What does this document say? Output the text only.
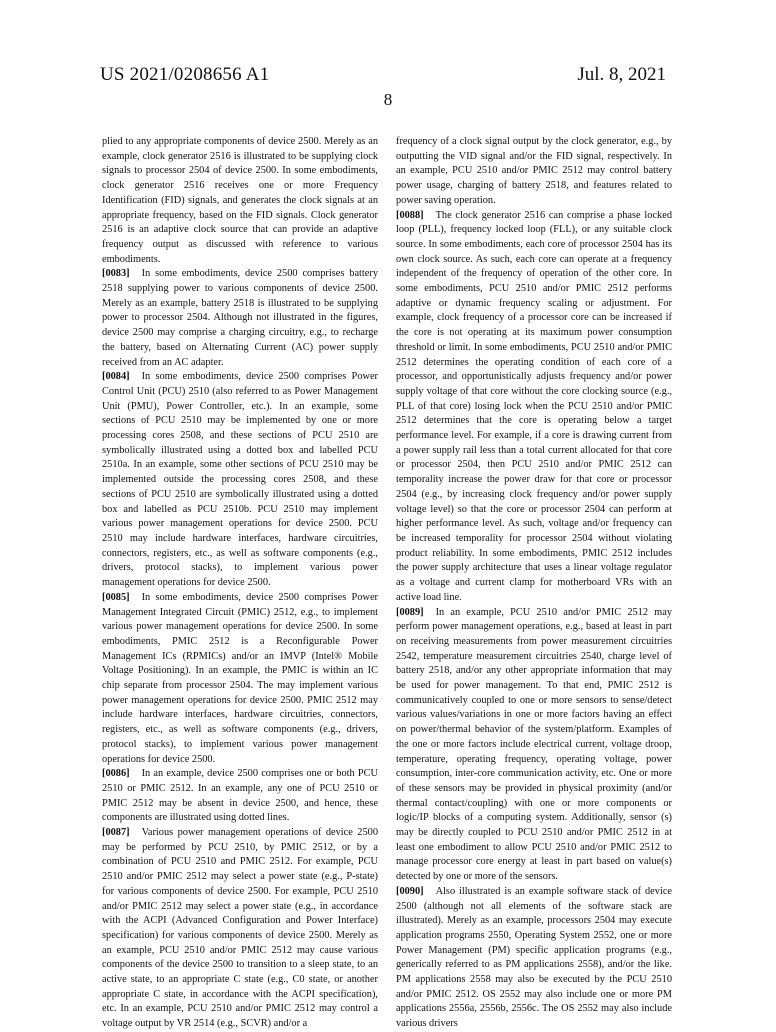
US 2021/0208656 A1	Jul. 8, 2021
8

plied to any appropriate components of device 2500. Merely as an example, clock generator 2516 is illustrated to be supplying clock signals to processor 2504 of device 2500. In some embodiments, clock generator 2516 receives one or more Frequency Identification (FID) signals, and generates the clock signals at an appropriate frequency, based on the FID signals. Clock generator 2516 is an adaptive clock source that can provide an adaptive frequency output as discussed with reference to various embodiments.

[0083] In some embodiments, device 2500 comprises battery 2518 supplying power to various components of device 2500. Merely as an example, battery 2518 is illustrated to be supplying power to processor 2504. Although not illustrated in the figures, device 2500 may comprise a charging circuitry, e.g., to recharge the battery, based on Alternating Current (AC) power supply received from an AC adapter.

[0084] In some embodiments, device 2500 comprises Power Control Unit (PCU) 2510 (also referred to as Power Management Unit (PMU), Power Controller, etc.). In an example, some sections of PCU 2510 may be implemented by one or more processing cores 2508, and these sections of PCU 2510 are symbolically illustrated using a dotted box and labelled PCU 2510a. In an example, some other sections of PCU 2510 may be implemented outside the processing cores 2508, and these sections of PCU 2510 are symbolically illustrated using a dotted box and labelled as PCU 2510b. PCU 2510 may implement various power management operations for device 2500. PCU 2510 may include hardware interfaces, hardware circuitries, connectors, registers, etc., as well as software components (e.g., drivers, protocol stacks), to implement various power management operations for device 2500.

[0085] In some embodiments, device 2500 comprises Power Management Integrated Circuit (PMIC) 2512, e.g., to implement various power management operations for device 2500. In some embodiments, PMIC 2512 is a Reconfigurable Power Management ICs (RPMICs) and/or an IMVP (Intel® Mobile Voltage Positioning). In an example, the PMIC is within an IC chip separate from processor 2504. The may implement various power management operations for device 2500. PMIC 2512 may include hardware interfaces, hardware circuitries, connectors, registers, etc., as well as software components (e.g., drivers, protocol stacks), to implement various power management operations for device 2500.

[0086] In an example, device 2500 comprises one or both PCU 2510 or PMIC 2512. In an example, any one of PCU 2510 or PMIC 2512 may be absent in device 2500, and hence, these components are illustrated using dotted lines.

[0087] Various power management operations of device 2500 may be performed by PCU 2510, by PMIC 2512, or by a combination of PCU 2510 and PMIC 2512. For example, PCU 2510 and/or PMIC 2512 may select a power state (e.g., P-state) for various components of device 2500. For example, PCU 2510 and/or PMIC 2512 may select a power state (e.g., in accordance with the ACPI (Advanced Configuration and Power Interface) specification) for various components of device 2500. Merely as an example, PCU 2510 and/or PMIC 2512 may cause various components of the device 2500 to transition to a sleep state, to an active state, to an appropriate C state (e.g., C0 state, or another appropriate C state, in accordance with the ACPI specification), etc. In an example, PCU 2510 and/or PMIC 2512 may control a voltage output by VR 2514 (e.g., SCVR) and/or a

frequency of a clock signal output by the clock generator, e.g., by outputting the VID signal and/or the FID signal, respectively. In an example, PCU 2510 and/or PMIC 2512 may control battery power usage, charging of battery 2518, and features related to power saving operation.

[0088] The clock generator 2516 can comprise a phase locked loop (PLL), frequency locked loop (FLL), or any suitable clock source. In some embodiments, each core of processor 2504 has its own clock source. As such, each core can operate at a frequency independent of the frequency of operation of the other core. In some embodiments, PCU 2510 and/or PMIC 2512 performs adaptive or dynamic frequency scaling or adjustment. For example, clock frequency of a processor core can be increased if the core is not operating at its maximum power consumption threshold or limit. In some embodiments, PCU 2510 and/or PMIC 2512 determines the operating condition of each core of a processor, and opportunistically adjusts frequency and/or power supply voltage of that core without the core clocking source (e.g., PLL of that core) losing lock when the PCU 2510 and/or PMIC 2512 determines that the core is operating below a target performance level. For example, if a core is drawing current from a power supply rail less than a total current allocated for that core or processor 2504, then PCU 2510 and/or PMIC 2512 can temporality increase the power draw for that core or processor 2504 (e.g., by increasing clock frequency and/or power supply voltage level) so that the core or processor 2504 can perform at higher performance level. As such, voltage and/or frequency can be increased temporality for processor 2504 without violating product reliability. In some embodiments, PMIC 2512 includes the power supply architecture that uses a linear voltage regulator as a voltage and current clamp for motherboard VRs with an active load line.

[0089] In an example, PCU 2510 and/or PMIC 2512 may perform power management operations, e.g., based at least in part on receiving measurements from power measurement circuitries 2542, temperature measurement circuitries 2540, charge level of battery 2518, and/or any other appropriate information that may be used for power management. To that end, PMIC 2512 is communicatively coupled to one or more sensors to sense/detect various values/variations in one or more factors having an effect on power/thermal behavior of the system/platform. Examples of the one or more factors include electrical current, voltage droop, temperature, operating frequency, operating voltage, power consumption, inter-core communication activity, etc. One or more of these sensors may be provided in physical proximity (and/or thermal contact/coupling) with one or more components or logic/IP blocks of a computing system. Additionally, sensor (s) may be directly coupled to PCU 2510 and/or PMIC 2512 in at least one embodiment to allow PCU 2510 and/or PMIC 2512 to manage processor core energy at least in part based on value(s) detected by one or more of the sensors.

[0090] Also illustrated is an example software stack of device 2500 (although not all elements of the software stack are illustrated). Merely as an example, processors 2504 may execute application programs 2550, Operating System 2552, one or more Power Management (PM) specific application programs (e.g., generically referred to as PM applications 2558), and/or the like. PM applications 2558 may also be executed by the PCU 2510 and/or PMIC 2512. OS 2552 may also include one or more PM applications 2556a, 2556b, 2556c. The OS 2552 may also include various drivers
